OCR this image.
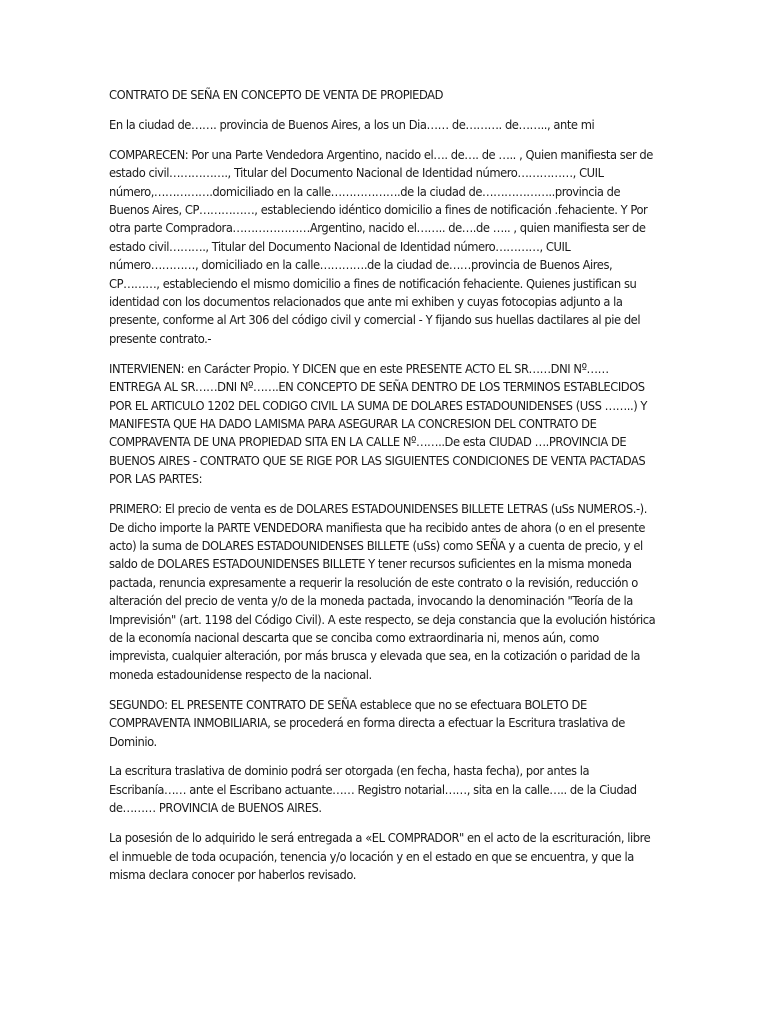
CONTRATO DE SEÑA EN CONCEPTO DE VENTA DE PROPIEDAD

En la ciudad de……. provincia de Buenos Aires, a los un Dia…… de………. de…….., ante mi

COMPARECEN: Por una Parte Vendedora Argentino, nacido el…. de…. de ….. , Quien manifiesta ser de estado civil……………., Titular del Documento Nacional de Identidad número……………, CUIL número,…………….domiciliado en la calle……………….de la ciudad de………………..provincia de Buenos Aires, CP……………, estableciendo idéntico domicilio a fines de notificación .fehaciente. Y Por otra parte Compradora…………………Argentino, nacido el…….. de….de ….. , quien manifiesta ser de estado civil………., Titular del Documento Nacional de Identidad número…………, CUIL número…………, domiciliado en la calle………….de la ciudad de……provincia de Buenos Aires, CP………, estableciendo el mismo domicilio a fines de notificación fehaciente. Quienes justifican su identidad con los documentos relacionados que ante mi exhiben y cuyas fotocopias adjunto a la presente, conforme al Art 306 del código civil y comercial - Y fijando sus huellas dactilares al pie del presente contrato.-

INTERVIENEN: en Carácter Propio. Y DICEN que en este PRESENTE ACTO EL SR……DNI Nº…… ENTREGA AL SR……DNI Nº…….EN CONCEPTO DE SEÑA DENTRO DE LOS TERMINOS ESTABLECIDOS POR EL ARTICULO 1202 DEL CODIGO CIVIL LA SUMA DE DOLARES ESTADOUNIDENSES (USS ……..) Y MANIFESTA QUE HA DADO LAMISMA PARA ASEGURAR LA CONCRESION DEL CONTRATO DE COMPRAVENTA DE UNA PROPIEDAD SITA EN LA CALLE Nº……..De esta CIUDAD ….PROVINCIA DE BUENOS AIRES - CONTRATO QUE SE RIGE POR LAS SIGUIENTES CONDICIONES DE VENTA PACTADAS POR LAS PARTES:

PRIMERO: El precio de venta es de DOLARES ESTADOUNIDENSES BILLETE LETRAS (uSs NUMEROS.-). De dicho importe la PARTE VENDEDORA manifiesta que ha recibido antes de ahora (o en el presente acto) la suma de DOLARES ESTADOUNIDENSES BILLETE (uSs) como SEÑA y a cuenta de precio, y el saldo de DOLARES ESTADOUNIDENSES BILLETE Y tener recursos suficientes en la misma moneda pactada, renuncia expresamente a requerir la resolución de este contrato o la revisión, reducción o alteración del precio de venta y/o de la moneda pactada, invocando la denominación "Teoría de la Imprevisión" (art. 1198 del Código Civil). A este respecto, se deja constancia que la evolución histórica de la economía nacional descarta que se conciba como extraordinaria ni, menos aún, como imprevista, cualquier alteración, por más brusca y elevada que sea, en la cotización o paridad de la moneda estadounidense respecto de la nacional.

SEGUNDO: EL PRESENTE CONTRATO DE SEÑA establece que no se efectuara BOLETO DE COMPRAVENTA INMOBILIARIA, se procederá en forma directa a efectuar la Escritura traslativa de Dominio.

La escritura traslativa de dominio podrá ser otorgada (en fecha, hasta fecha), por antes la Escribanía…… ante el Escribano actuante…… Registro notarial……, sita en la calle….. de la Ciudad de……… PROVINCIA de BUENOS AIRES.

La posesión de lo adquirido le será entregada a «EL COMPRADOR" en el acto de la escrituración, libre el inmueble de toda ocupación, tenencia y/o locación y en el estado en que se encuentra, y que la misma declara conocer por haberlos revisado.
